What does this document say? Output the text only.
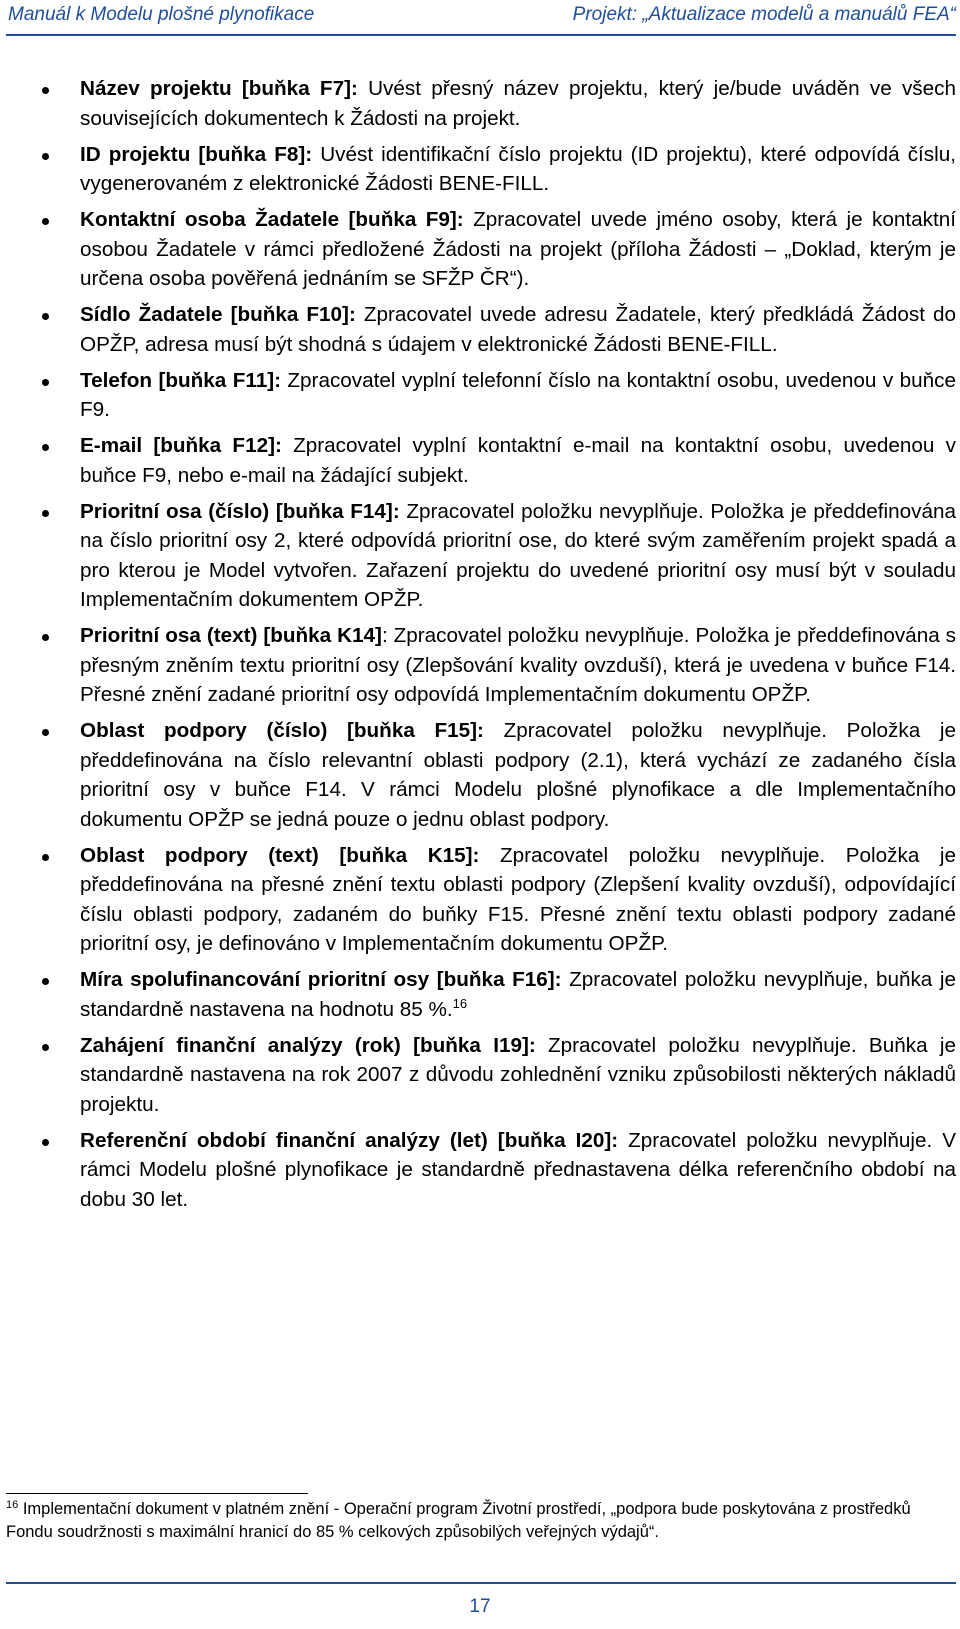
Manuál k Modelu plošné plynofikace	Projekt: „Aktualizace modelů a manuálů FEA“
Název projektu [buňka F7]: Uvést přesný název projektu, který je/bude uváděn ve všech souvisejících dokumentech k Žádosti na projekt.
ID projektu [buňka F8]: Uvést identifikační číslo projektu (ID projektu), které odpovídá číslu, vygenerovaném z elektronické Žádosti BENE-FILL.
Kontaktní osoba Žadatele [buňka F9]: Zpracovatel uvede jméno osoby, která je kontaktní osobou Žadatele v rámci předložené Žádosti na projekt (příloha Žádosti – „Doklad, kterým je určena osoba pověřená jednáním se SFŽP ČR“).
Sídlo Žadatele [buňka F10]: Zpracovatel uvede adresu Žadatele, který předkládá Žádost do OPŽP, adresa musí být shodná s údajem v elektronické Žádosti BENE-FILL.
Telefon [buňka F11]: Zpracovatel vyplní telefonní číslo na kontaktní osobu, uvedenou v buňce F9.
E-mail [buňka F12]: Zpracovatel vyplní kontaktní e-mail na kontaktní osobu, uvedenou v buňce F9, nebo e-mail na žádající subjekt.
Prioritní osa (číslo) [buňka F14]: Zpracovatel položku nevyplňuje. Položka je předdefinována na číslo prioritní osy 2, které odpovídá prioritní ose, do které svým zaměřením projekt spadá a pro kterou je Model vytvořen. Zařazení projektu do uvedené prioritní osy musí být v souladu Implementačním dokumentem OPŽP.
Prioritní osa (text) [buňka K14]: Zpracovatel položku nevyplňuje. Položka je předdefinována s přesným zněním textu prioritní osy (Zlepšování kvality ovzduší), která je uvedena v buňce F14. Přesné znění zadané prioritní osy odpovídá Implementačním dokumentu OPŽP.
Oblast podpory (číslo) [buňka F15]: Zpracovatel položku nevyplňuje. Položka je předdefinována na číslo relevantní oblasti podpory (2.1), která vychází ze zadaného čísla prioritní osy v buňce F14. V rámci Modelu plošné plynofikace a dle Implementačního dokumentu OPŽP se jedná pouze o jednu oblast podpory.
Oblast podpory (text) [buňka K15]: Zpracovatel položku nevyplňuje. Položka je předdefinována na přesné znění textu oblasti podpory (Zlepšení kvality ovzduší), odpovídající číslu oblasti podpory, zadaném do buňky F15. Přesné znění textu oblasti podpory zadané prioritní osy, je definováno v Implementačním dokumentu OPŽP.
Míra spolufinancování prioritní osy [buňka F16]: Zpracovatel položku nevyplňuje, buňka je standardně nastavena na hodnotu 85 %.$^{16}$
Zahájení finanční analýzy (rok) [buňka I19]: Zpracovatel položku nevyplňuje. Buňka je standardně nastavena na rok 2007 z důvodu zohlednění vzniku způsobilosti některých nákladů projektu.
Referenční období finanční analýzy (let) [buňka I20]: Zpracovatel položku nevyplňuje. V rámci Modelu plošné plynofikace je standardně přednastavena délka referenčního období na dobu 30 let.
$^{16}$ Implementační dokument v platném znění - Operační program Životní prostředí, „podpora bude poskytována z prostředků Fondu soudržnosti s maximální hranicí do 85 % celkových způsobilých veřejných výdajů“.
17
